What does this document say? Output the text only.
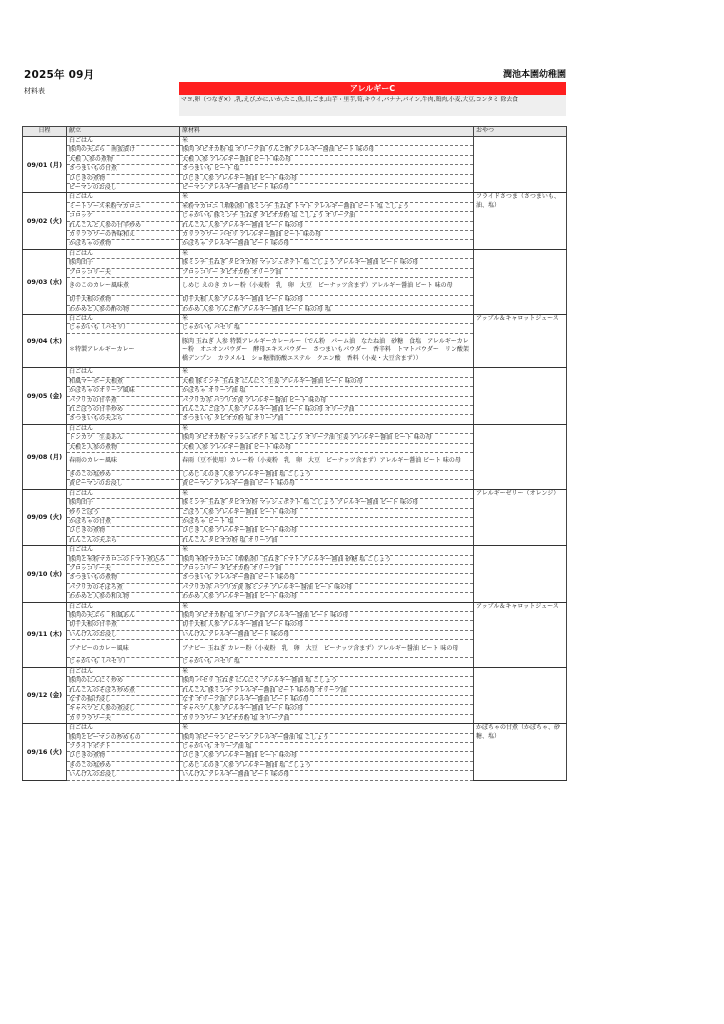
2025年 09月	潤池本園幼稚園
材料表	アレルギーC
マヨ,卵（つなぎ×）,乳,えび,かに,いか,たこ,魚,貝,ごま,山芋・里芋,筍,キウイ,バナナ,パイン,牛肉,鶏肉,小麦,大豆,コンタミ 除去食
日程	献立	原材料	おやつ
09/01 (月)	白ごはん	米	
	豚肉の天ぷら　南蛮漬け	豚肉 タピオカ粉 塩 オリーブ油 りんご酢 アレルギー醤油 ビート 味の母	
	大根 人参の煮物	大根 人参 アレルギー醤油 ビート 味の母	
	さつまいもの甘煮	さつまいも ビート 塩	
	ひじきの煮物	ひじき 人参 アレルギー醤油 ビート 味の母	
	ピーマンのお浸し	ピーマン アレルギー醤油 ビート 味の母	
09/02 (火)	白ごはん	米	フライドさつま（さつまいも、油、塩）
	ミートソース米粉マカロニ	米粉マカロニ（増粘剤）豚ミンチ 玉ねぎ トマト アレルギー醤油 ビート 塩 こしょう	
	コロッケ	じゃがいも 豚ミンチ 玉ねぎ タピオカ粉 塩 こしょう オリーブ油	
	れんこんと人参の甘辛炒め	れんこん 人参 アレルギー醤油 ビート 味の母	
	カリフラワーの香味和え	カリフラワー パセリ アレルギー醤油 ビート 味の母	
	かぼちゃの煮物	かぼちゃ アレルギー醤油 ビート 味の母	
09/03 (水)	白ごはん	米	
	豚肉団子	豚ミンチ 玉ねぎ タピオカ粉 マッシュポテト 塩 こしょう アレルギー醤油 ビート 味の母	
	ブロッコリー天	ブロッコリー タピオカ粉 オリーブ油	
	きのこのカレー風味煮	しめじ えのき カレー粉（小麦粉　乳　卵　大豆　ピーナッツ含まず）アレルギー醤油 ビート 味の母	
	切干大根の煮物	切干大根 人参 アレルギー醤油 ビート 味の母	
	わかめと人参の酢の物	わかめ 人参 りんご酢 アレルギー醤油 ビート 味の母 塩	
09/04 (木)	白ごはん	米	アップル＆キャロットジュース
	じゃがいも（パセリ）	じゃがいも パセリ 塩	
	＊特製アレルギーカレー	豚肉 玉ねぎ 人参 特製アレルギーカレールー（でん粉　パーム油　なたね油　砂糖　食塩　アレルギーカレー粉　オニオンパウダー　酵母エキスパウダー　さつまいもパウダー　香辛料　トマトパウダー　リン酸架橋デンプン　カラメル1　ショ糖脂肪酸エステル　クエン酸　香料（小麦・大豆含まず））	
09/05 (金)	白ごはん	米	
	和風マーボー大根煮	大根 豚ミンチ 玉ねぎ にんにく 生姜 アレルギー醤油 ビート 味の母	
	かぼちゃのオリーブ風味	かぼちゃ オリーブ油 塩	
	パプリカの甘辛煮	パプリカ赤 パプリカ黄 アレルギー醤油 ビート 味の母	
	れごぼうの甘辛炒め	れんこん ごぼう 人参 アレルギー醤油 ビート 味の母 オリーブ油	
	さつまいもの天ぷら	さつまいも タピオカ粉 塩 オリーブ油	
09/08 (月)	白ごはん	米	
	トンカツ　生姜あん	豚肉 タピオカ粉 マッシュポテト 塩 こしょう オリーブ油 生姜 アレルギー醤油 ビート 味の母	
	大根と人参の煮物	大根 人参 アレルギー醤油 ビート 味の母	
	春雨のカレー風味	春雨（豆不使用）カレー粉（小麦粉　乳　卵　大豆　ピーナッツ含まず）アレルギー醤油 ビート 味の母	
	きのこの塩炒め	しめじ えのき 人参 アレルギー醤油 塩 こしょう	
	黄ピーマンのお浸し	黄ピーマン アレルギー醤油 ビート 味の母	
09/09 (火)	白ごはん	米	アレルギーゼリー（オレンジ）
	豚肉団子	豚ミンチ 玉ねぎ タピオカ粉 マッシュポテト 塩 こしょう アレルギー醤油 ビート 味の母	
	炒りごぼう	ごぼう 人参 アレルギー醤油 ビート 味の母	
	かぼちゃの甘煮	かぼちゃ ビート 塩	
	ひじきの煮物	ひじき 人参 アレルギー醤油 ビート 味の母	
	れんこんの天ぷら	れんこん タピオカ粉 塩 オリーブ油	
09/10 (水)	白ごはん	米	
	豚肉と米粉マカロニのトマト煮込み	豚肉 米粉マカロニ（増粘剤）玉ねぎ トマト アレルギー醤油 砂糖 塩 こしょう	
	ブロッコリー天	ブロッコリー タピオカ粉 オリーブ油	
	さつまいもの煮物	さつまいも アレルギー醤油 ビート 味の母	
	パプリカのそぼろ煮	パプリカ赤 パプリカ黄 豚ミンチ アレルギー醤油 ビート 味の母	
	わかめと人参の和え物	わかめ 人参 アレルギー醤油 ビート 味の母	
09/11 (木)	白ごはん	米	アップル＆キャロットジュース
	豚肉の天ぷら　和風あん	豚肉 タピオカ粉 塩 オリーブ油 アレルギー醤油 ビート 味の母	
	切干大根の甘辛煮	切干大根 人参 アレルギー醤油 ビート 味の母	
	いんげんのお浸し	いんげん アレルギー醤油 ビート 味の母	
	ブナピーのカレー風味	ブナピー 玉ねぎ カレー粉（小麦粉　乳　卵　大豆　ピーナッツ含まず）アレルギー醤油 ビート 味の母	
	じゃがいも（パセリ）	じゃがいも パセリ 塩	
09/12 (金)	白ごはん	米	
	豚肉のにんにく炒め	豚肉 パセリ 玉ねぎ にんにく アレルギー醤油 塩 こしょう	
	れんこんのそぼろ炒め煮	れんこん 豚ミンチ アレルギー醤油 ビート 味の母 オリーブ油	
	なすの揚げ浸し	なす オリーブ油 アレルギー醤油 ビート 味の母	
	キャベツと人参の煮浸し	キャベツ 人参 アレルギー醤油 ビート 味の母	
	カリフラワー天	カリフラワー タピオカ粉 塩 オリーブ油	
09/16 (火)	白ごはん	米	かぼちゃの甘煮（かぼちゃ、砂糖、塩）
	豚肉とピーマンの炒めもの	豚肉 赤ピーマン ピーマン アレルギー醤油 塩 こしょう	
	フライドポテト	じゃがいも オリーブ油 塩	
	ひじきの煮物	ひじき 人参 アレルギー醤油 ビート 味の母	
	きのこの塩炒め	しめじ えのき 人参 アレルギー醤油 塩 こしょう	
	いんげんのお浸し	いんげん アレルギー醤油 ビート 味の母	
